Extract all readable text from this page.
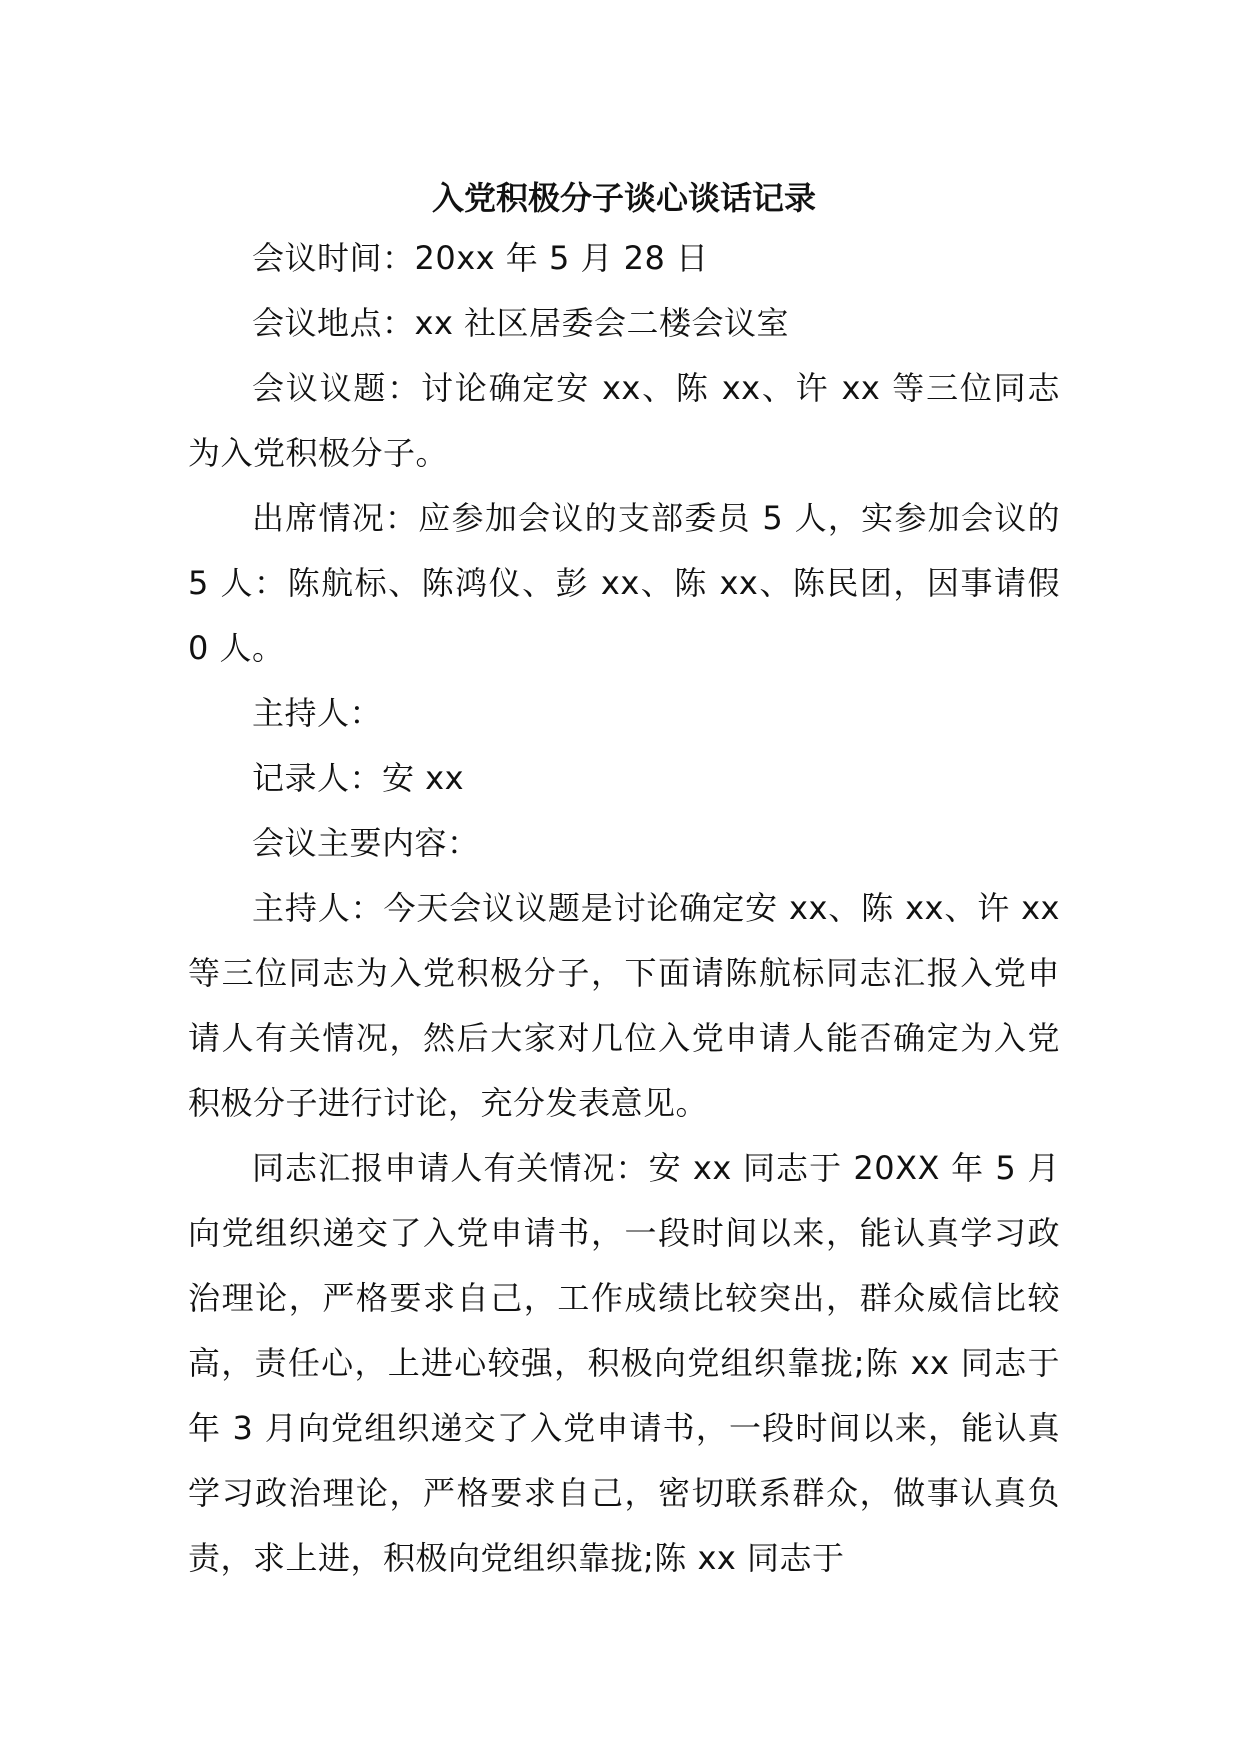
入党积极分子谈心谈话记录

会议时间：20xx 年 5 月 28 日

会议地点：xx 社区居委会二楼会议室

会议议题：讨论确定安 xx、陈 xx、许 xx 等三位同志为入党积极分子。

出席情况：应参加会议的支部委员 5 人，实参加会议的 5 人：陈航标、陈鸿仪、彭 xx、陈 xx、陈民团，因事请假 0 人。

主持人：

记录人：安 xx

会议主要内容：

主持人：今天会议议题是讨论确定安 xx、陈 xx、许 xx 等三位同志为入党积极分子，下面请陈航标同志汇报入党申请人有关情况，然后大家对几位入党申请人能否确定为入党积极分子进行讨论，充分发表意见。

同志汇报申请人有关情况：安 xx 同志于 20XX 年 5 月向党组织递交了入党申请书，一段时间以来，能认真学习政治理论，严格要求自己，工作成绩比较突出，群众威信比较高，责任心，上进心较强，积极向党组织靠拢;陈 xx 同志于年 3 月向党组织递交了入党申请书，一段时间以来，能认真学习政治理论，严格要求自己，密切联系群众，做事认真负责，求上进，积极向党组织靠拢;陈 xx 同志于
